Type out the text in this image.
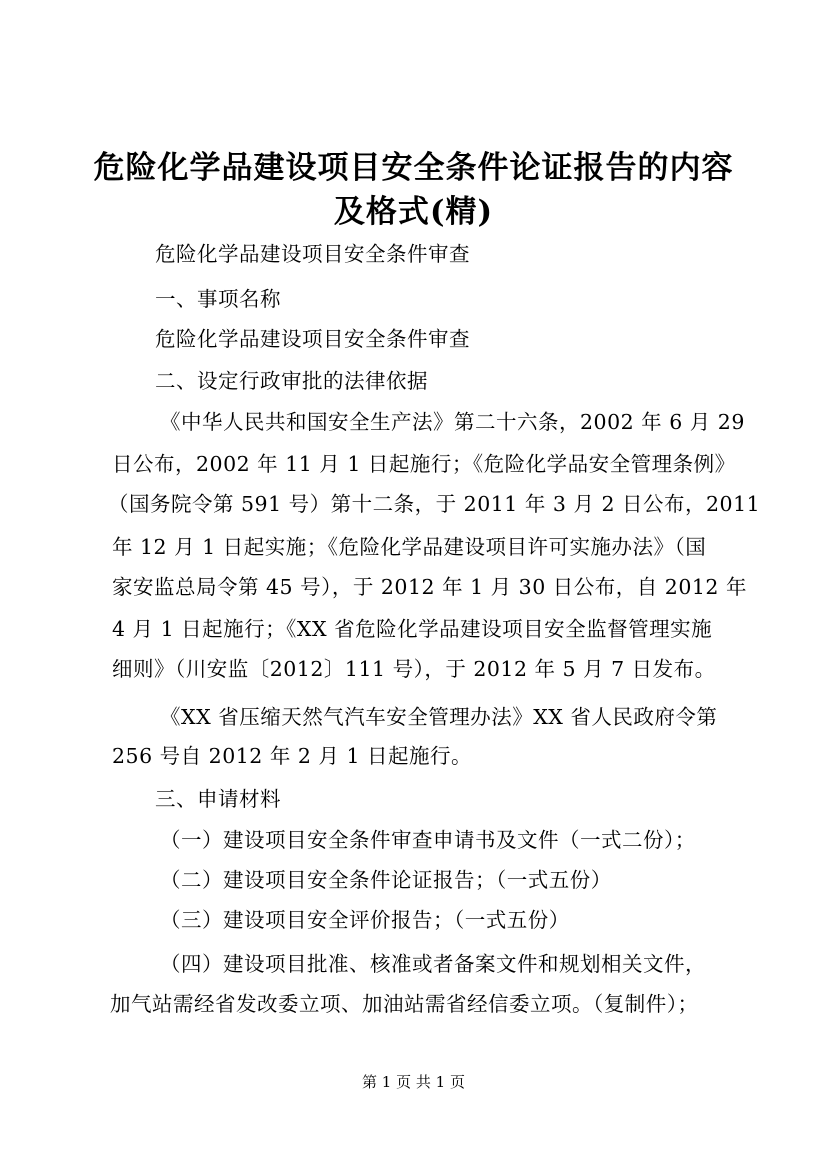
危险化学品建设项目安全条件论证报告的内容
及格式(精)
危险化学品建设项目安全条件审查
一、事项名称
危险化学品建设项目安全条件审查
二、设定行政审批的法律依据
《中华人民共和国安全生产法》第二十六条，2002 年 6 月 29
日公布，2002 年 11 月 1 日起施行；《危险化学品安全管理条例》
（国务院令第 591 号）第十二条，于 2011 年 3 月 2 日公布，2011
年 12 月 1 日起实施；《危险化学品建设项目许可实施办法》（国
家安监总局令第 45 号），于 2012 年 1 月 30 日公布，自 2012 年
4 月 1 日起施行；《XX 省危险化学品建设项目安全监督管理实施
细则》（川安监〔2012〕111 号），于 2012 年 5 月 7 日发布。
《XX 省压缩天然气汽车安全管理办法》XX 省人民政府令第
256 号自 2012 年 2 月 1 日起施行。
三、申请材料
（一）建设项目安全条件审查申请书及文件（一式二份）；
（二）建设项目安全条件论证报告；（一式五份）
（三）建设项目安全评价报告；（一式五份）
（四）建设项目批准、核准或者备案文件和规划相关文件，
加气站需经省发改委立项、加油站需省经信委立项。（复制件）；
第 1 页 共 1 页
